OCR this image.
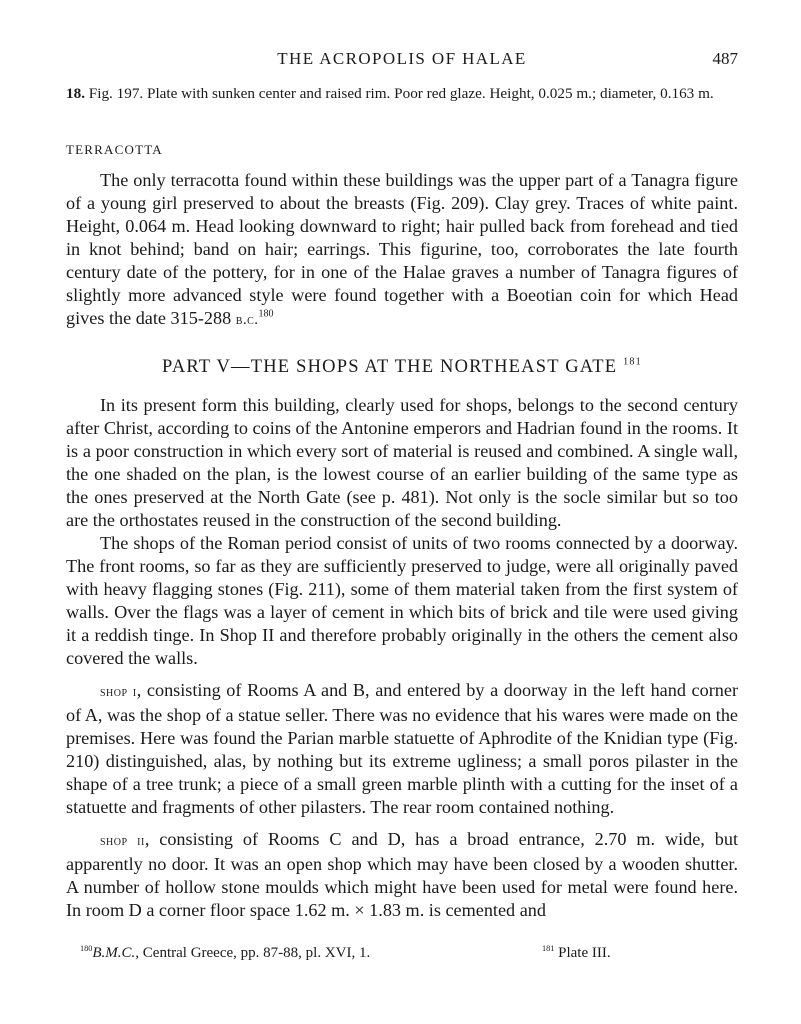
THE ACROPOLIS OF HALAE	487
18. Fig. 197. Plate with sunken center and raised rim. Poor red glaze. Height, 0.025 m.; diameter, 0.163 m.
TERRACOTTA

The only terracotta found within these buildings was the upper part of a Tanagra figure of a young girl preserved to about the breasts (Fig. 209). Clay grey. Traces of white paint. Height, 0.064 m. Head looking downward to right; hair pulled back from forehead and tied in knot behind; band on hair; earrings. This figurine, too, corroborates the late fourth century date of the pottery, for in one of the Halae graves a number of Tanagra figures of slightly more advanced style were found together with a Boeotian coin for which Head gives the date 315-288 b.c.$^{180}$

PART V—THE SHOPS AT THE NORTHEAST GATE $^{181}$

In its present form this building, clearly used for shops, belongs to the second century after Christ, according to coins of the Antonine emperors and Hadrian found in the rooms. It is a poor construction in which every sort of material is reused and combined. A single wall, the one shaded on the plan, is the lowest course of an earlier building of the same type as the ones preserved at the North Gate (see p. 481). Not only is the socle similar but so too are the orthostates reused in the construction of the second building.

The shops of the Roman period consist of units of two rooms connected by a doorway. The front rooms, so far as they are sufficiently preserved to judge, were all originally paved with heavy flagging stones (Fig. 211), some of them material taken from the first system of walls. Over the flags was a layer of cement in which bits of brick and tile were used giving it a reddish tinge. In Shop II and therefore probably originally in the others the cement also covered the walls.

shop i, consisting of Rooms A and B, and entered by a doorway in the left hand corner of A, was the shop of a statue seller. There was no evidence that his wares were made on the premises. Here was found the Parian marble statuette of Aphrodite of the Knidian type (Fig. 210) distinguished, alas, by nothing but its extreme ugliness; a small poros pilaster in the shape of a tree trunk; a piece of a small green marble plinth with a cutting for the inset of a statuette and fragments of other pilasters. The rear room contained nothing.

shop ii, consisting of Rooms C and D, has a broad entrance, 2.70 m. wide, but apparently no door. It was an open shop which may have been closed by a wooden shutter. A number of hollow stone moulds which might have been used for metal were found here. In room D a corner floor space 1.62 m. × 1.83 m. is cemented and

$^{180}$B.M.C., Central Greece, pp. 87-88, pl. XVI, 1.	$^{181}$ Plate III.
